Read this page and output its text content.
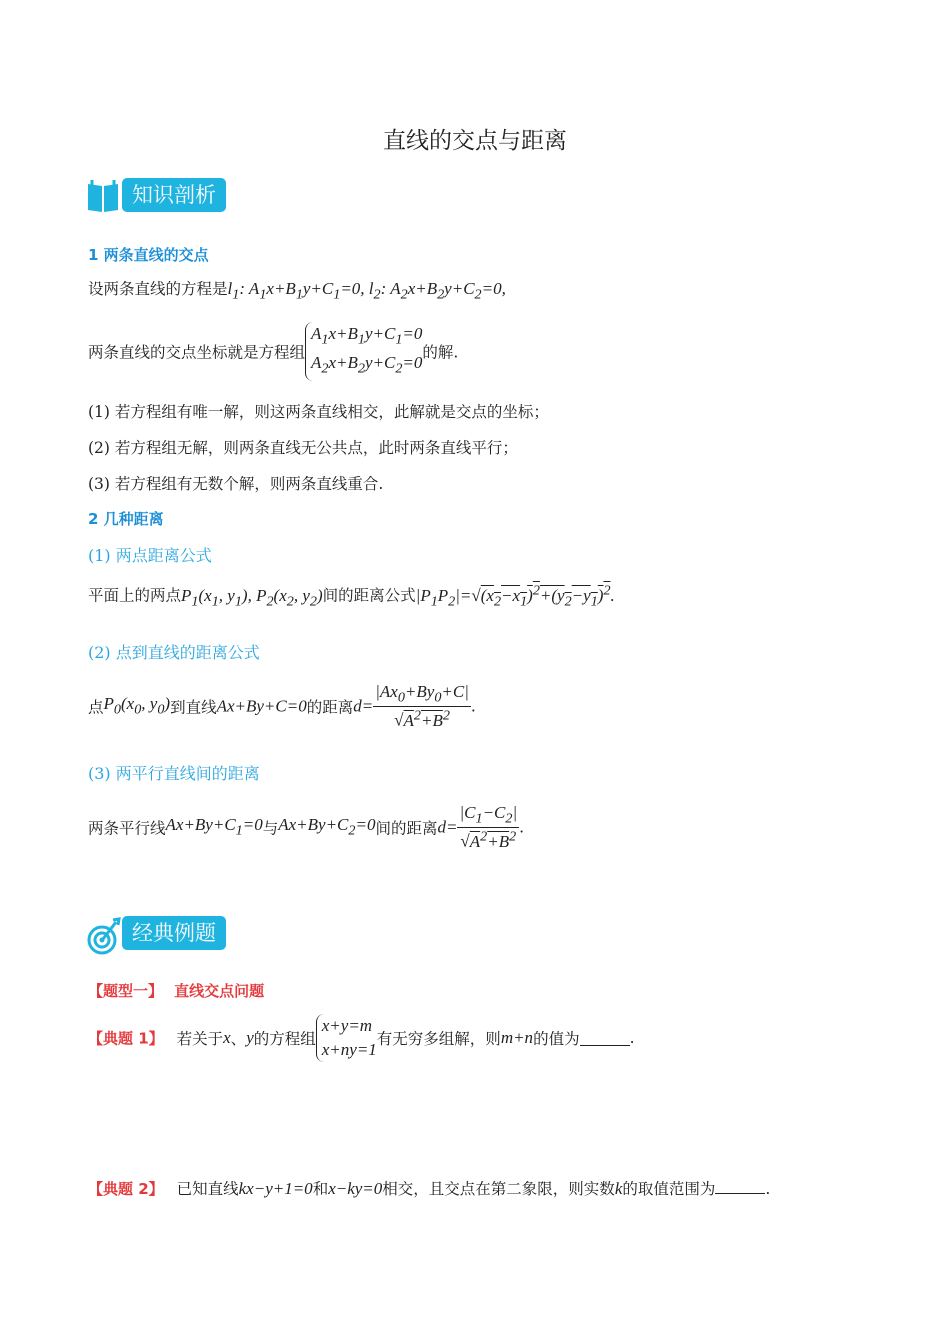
直线的交点与距离
知识剖析
1 两条直线的交点
设两条直线的方程是$l_1$: $A_1x+B_1y+C_1=0$, $l_2$: $A_2x+B_2y+C_2=0$,
两条直线的交点坐标就是方程组$A_1x+B_1y+C_1=0$
$A_2x+B_2y+C_2=0$的解.
(1) 若方程组有唯一解，则这两条直线相交，此解就是交点的坐标；
(2) 若方程组无解，则两条直线无公共点，此时两条直线平行；
(3) 若方程组有无数个解，则两条直线重合.
2 几种距离
(1) 两点距离公式
平面上的两点$P_1(x_1$, $y_1$), $P_2(x_2$, $y_2$)间的距离公式$|P_1P_2|=√(x_2-x_1)^2+(y_2-y_1)^2$.
(2) 点到直线的距离公式
点$P_0(x_0$, $y_0$)到直线Ax+By+C=0的距离$d= \frac{|Ax_0+By_0+C|}{√A^2+B^2}$ .
(3) 两平行直线间的距离
两条平行线$Ax+By+C_1=0$与$Ax+By+C_2=0$间的距离$d= \frac{|C_1-C_2|}{√A^2+B^2}$ .
经典例题
【题型一】 直线交点问题
【典题 1】 若关于x、y的方程组x+y=m
x+ny=1有无穷多组解，则m+n的值为	.
【典题 2】 已知直线kx−y+1=0和x−ky=0相交，且交点在第二象限，则实数k的取值范围为	.
